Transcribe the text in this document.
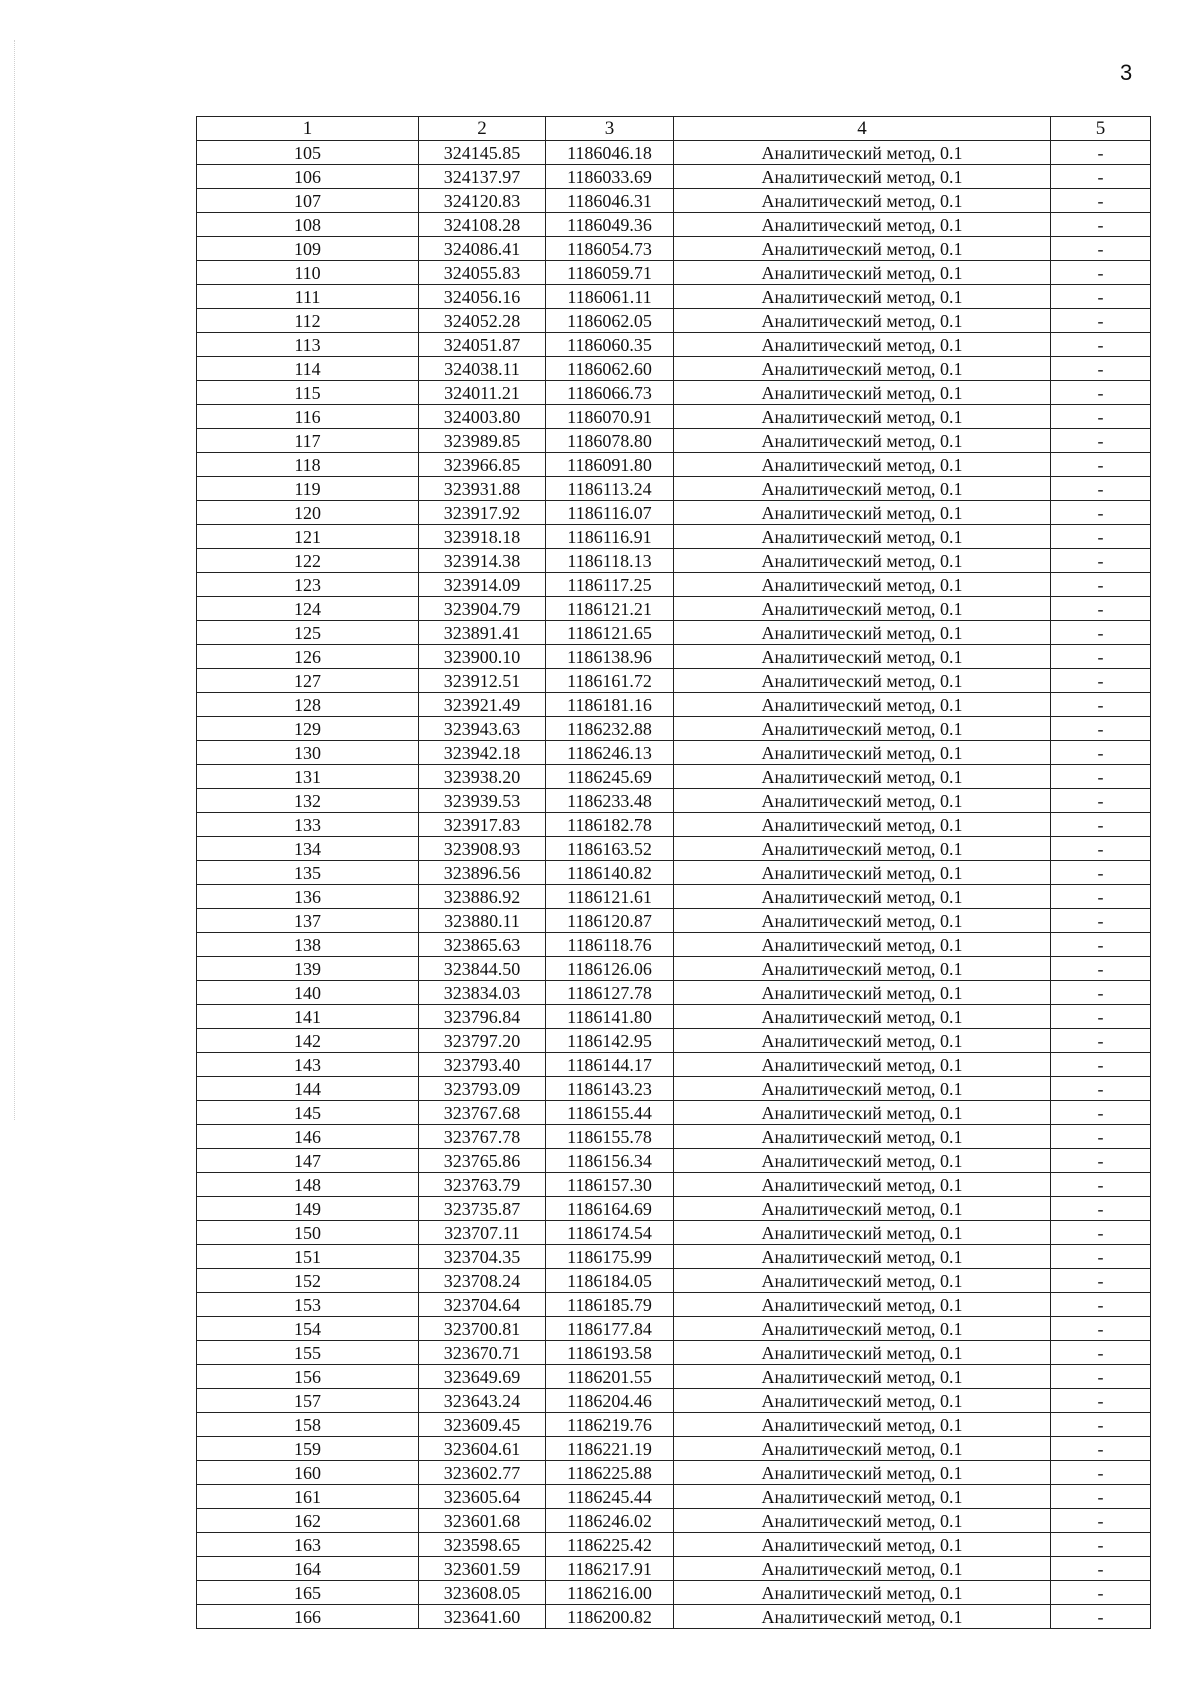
3
1	2	3	4	5
105	324145.85	1186046.18	Аналитический метод, 0.1	-
106	324137.97	1186033.69	Аналитический метод, 0.1	-
107	324120.83	1186046.31	Аналитический метод, 0.1	-
108	324108.28	1186049.36	Аналитический метод, 0.1	-
109	324086.41	1186054.73	Аналитический метод, 0.1	-
110	324055.83	1186059.71	Аналитический метод, 0.1	-
111	324056.16	1186061.11	Аналитический метод, 0.1	-
112	324052.28	1186062.05	Аналитический метод, 0.1	-
113	324051.87	1186060.35	Аналитический метод, 0.1	-
114	324038.11	1186062.60	Аналитический метод, 0.1	-
115	324011.21	1186066.73	Аналитический метод, 0.1	-
116	324003.80	1186070.91	Аналитический метод, 0.1	-
117	323989.85	1186078.80	Аналитический метод, 0.1	-
118	323966.85	1186091.80	Аналитический метод, 0.1	-
119	323931.88	1186113.24	Аналитический метод, 0.1	-
120	323917.92	1186116.07	Аналитический метод, 0.1	-
121	323918.18	1186116.91	Аналитический метод, 0.1	-
122	323914.38	1186118.13	Аналитический метод, 0.1	-
123	323914.09	1186117.25	Аналитический метод, 0.1	-
124	323904.79	1186121.21	Аналитический метод, 0.1	-
125	323891.41	1186121.65	Аналитический метод, 0.1	-
126	323900.10	1186138.96	Аналитический метод, 0.1	-
127	323912.51	1186161.72	Аналитический метод, 0.1	-
128	323921.49	1186181.16	Аналитический метод, 0.1	-
129	323943.63	1186232.88	Аналитический метод, 0.1	-
130	323942.18	1186246.13	Аналитический метод, 0.1	-
131	323938.20	1186245.69	Аналитический метод, 0.1	-
132	323939.53	1186233.48	Аналитический метод, 0.1	-
133	323917.83	1186182.78	Аналитический метод, 0.1	-
134	323908.93	1186163.52	Аналитический метод, 0.1	-
135	323896.56	1186140.82	Аналитический метод, 0.1	-
136	323886.92	1186121.61	Аналитический метод, 0.1	-
137	323880.11	1186120.87	Аналитический метод, 0.1	-
138	323865.63	1186118.76	Аналитический метод, 0.1	-
139	323844.50	1186126.06	Аналитический метод, 0.1	-
140	323834.03	1186127.78	Аналитический метод, 0.1	-
141	323796.84	1186141.80	Аналитический метод, 0.1	-
142	323797.20	1186142.95	Аналитический метод, 0.1	-
143	323793.40	1186144.17	Аналитический метод, 0.1	-
144	323793.09	1186143.23	Аналитический метод, 0.1	-
145	323767.68	1186155.44	Аналитический метод, 0.1	-
146	323767.78	1186155.78	Аналитический метод, 0.1	-
147	323765.86	1186156.34	Аналитический метод, 0.1	-
148	323763.79	1186157.30	Аналитический метод, 0.1	-
149	323735.87	1186164.69	Аналитический метод, 0.1	-
150	323707.11	1186174.54	Аналитический метод, 0.1	-
151	323704.35	1186175.99	Аналитический метод, 0.1	-
152	323708.24	1186184.05	Аналитический метод, 0.1	-
153	323704.64	1186185.79	Аналитический метод, 0.1	-
154	323700.81	1186177.84	Аналитический метод, 0.1	-
155	323670.71	1186193.58	Аналитический метод, 0.1	-
156	323649.69	1186201.55	Аналитический метод, 0.1	-
157	323643.24	1186204.46	Аналитический метод, 0.1	-
158	323609.45	1186219.76	Аналитический метод, 0.1	-
159	323604.61	1186221.19	Аналитический метод, 0.1	-
160	323602.77	1186225.88	Аналитический метод, 0.1	-
161	323605.64	1186245.44	Аналитический метод, 0.1	-
162	323601.68	1186246.02	Аналитический метод, 0.1	-
163	323598.65	1186225.42	Аналитический метод, 0.1	-
164	323601.59	1186217.91	Аналитический метод, 0.1	-
165	323608.05	1186216.00	Аналитический метод, 0.1	-
166	323641.60	1186200.82	Аналитический метод, 0.1	-
